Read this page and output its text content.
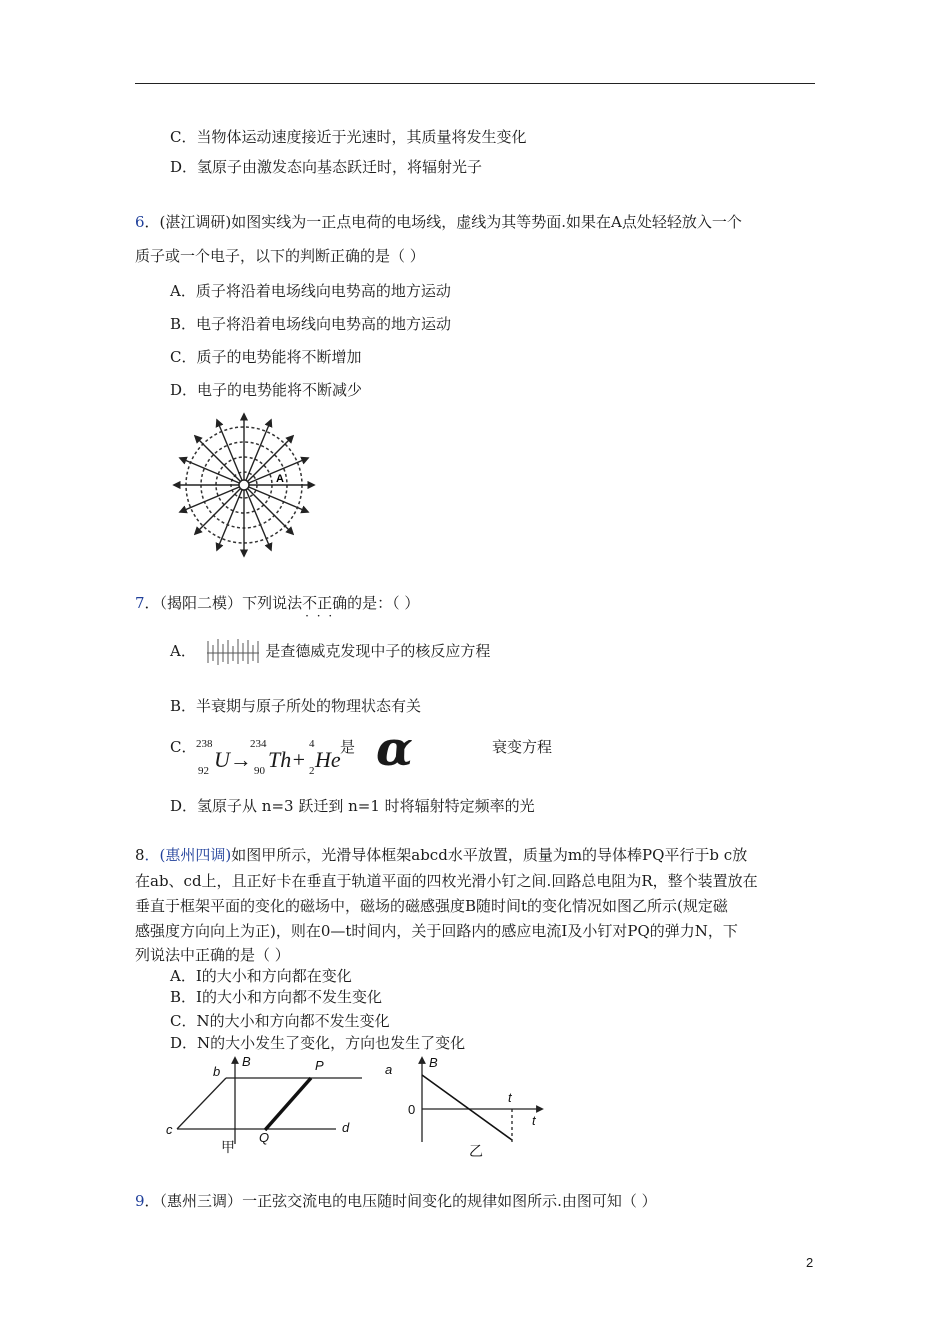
C．当物体运动速度接近于光速时，其质量将发生变化
D．氢原子由激发态向基态跃迁时，将辐射光子
6．(湛江调研)如图实线为一正点电荷的电场线，虚线为其等势面.如果在A点处轻轻放入一个
质子或一个电子，以下的判断正确的是（ ）
A．质子将沿着电场线向电势高的地方运动
B．电子将沿着电场线向电势高的地方运动
C．质子的电势能将不断增加
D．电子的电势能将不断减少
A
7．（揭阳二模）下列说法不正确 · · ·的是：（ ）
A．	是查德威克发现中子的核反应方程
B．半衰期与原子所处的物理状态有关
C． 238
92 U→
234
90 Th+
4
2 He 是 α	衰变方程
D．氢原子从 n=3 跃迁到 n=1 时将辐射特定频率的光
8．(惠州四调)如图甲所示，光滑导体框架abcd水平放置，质量为m的导体棒PQ平行于b c放
在ab、cd上，且正好卡在垂直于轨道平面的四枚光滑小钉之间.回路总电阻为R，整个装置放在
垂直于框架平面的变化的磁场中，磁场的磁感强度B随时间t的变化情况如图乙所示(规定磁
感强度方向向上为正)，则在0—t时间内，关于回路内的感应电流I及小钉对PQ的弹力N，下
列说法中正确的是（ ）
A．I的大小和方向都在变化
B．I的大小和方向都不发生变化
C．N的大小和方向都不发生变化
D．N的大小发生了变化，方向也发生了变化
b
B	P
c
Q
d
甲
a	B
0
t
t
乙
9．（惠州三调）一正弦交流电的电压随时间变化的规律如图所示.由图可知（ ）
2
